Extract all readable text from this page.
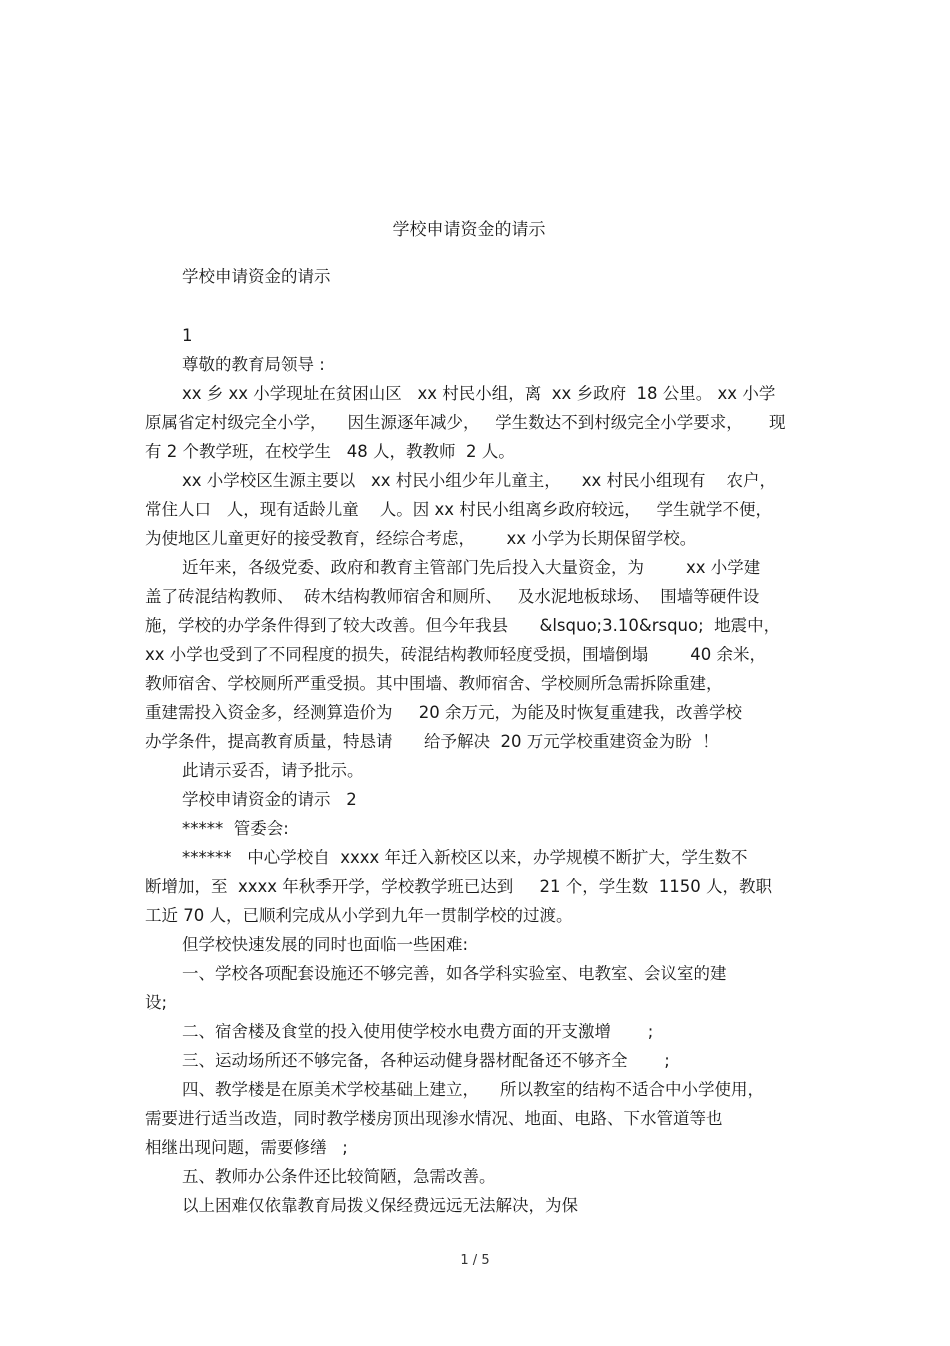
学校申请资金的请示
学校申请资金的请示
1
尊敬的教育局领导 :
xx 乡 xx 小学现址在贫困山区   xx 村民小组，离  xx 乡政府  18 公里。 xx 小学
原属省定村级完全小学，    因生源逐年减少，   学生数达不到村级完全小学要求，     现
有 2 个教学班，在校学生   48 人，教教师  2 人。
xx 小学校区生源主要以   xx 村民小组少年儿童主，    xx 村民小组现有    农户，
常住人口   人，现有适龄儿童    人。因 xx 村民小组离乡政府较远，   学生就学不便，
为使地区儿童更好的接受教育，经综合考虑，      xx 小学为长期保留学校。
近年来，各级党委、政府和教育主管部门先后投入大量资金，为        xx 小学建
盖了砖混结构教师、  砖木结构教师宿舍和厕所、   及水泥地板球场、  围墙等硬件设
施，学校的办学条件得到了较大改善。但今年我县      &lsquo;3.10&rsquo;  地震中，
xx 小学也受到了不同程度的损失，砖混结构教师轻度受损，围墙倒塌        40 余米，
教师宿舍、学校厕所严重受损。其中围墙、教师宿舍、学校厕所急需拆除重建，
重建需投入资金多，经测算造价为     20 余万元，为能及时恢复重建我，改善学校
办学条件，提高教育质量，特恳请      给予解决  20 万元学校重建资金为盼  ！
此请示妥否，请予批示。
学校申请资金的请示   2
*****  管委会:
******   中心学校自  xxxx 年迁入新校区以来，办学规模不断扩大，学生数不
断增加，至  xxxx 年秋季开学，学校教学班已达到     21 个，学生数  1150 人，教职
工近 70 人，已顺利完成从小学到九年一贯制学校的过渡。
但学校快速发展的同时也面临一些困难:
一、学校各项配套设施还不够完善，如各学科实验室、电教室、会议室的建
设;
二、宿舍楼及食堂的投入使用使学校水电费方面的开支激增       ;
三、运动场所还不够完备，各种运动健身器材配备还不够齐全       ;
四、教学楼是在原美术学校基础上建立，    所以教室的结构不适合中小学使用，
需要进行适当改造，同时教学楼房顶出现渗水情况、地面、电路、下水管道等也
相继出现问题，需要修缮   ;
五、教师办公条件还比较简陋，急需改善。
以上困难仅依靠教育局拨义保经费远远无法解决，为保
1 / 5
